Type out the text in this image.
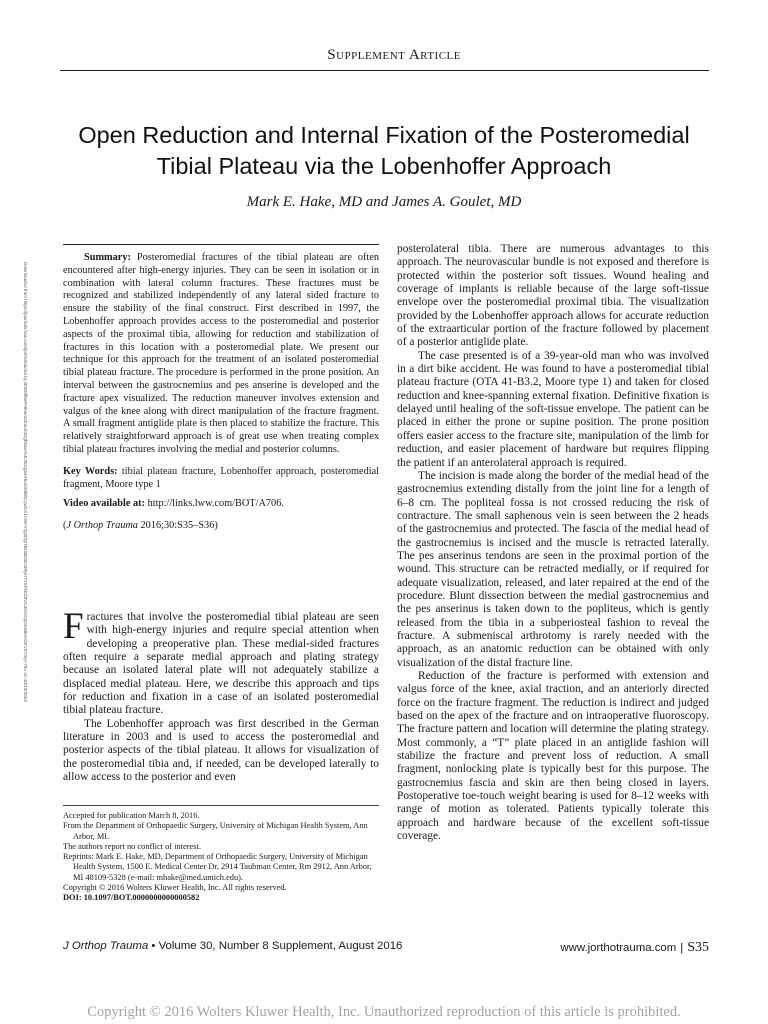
Supplement Article
Open Reduction and Internal Fixation of the Posteromedial
Tibial Plateau via the Lobenhoffer Approach
Mark E. Hake, MD and James A. Goulet, MD
Downloaded from https://journals.lww.com/jorthotrauma by BhDMf5ePHKav1zEoum1tQfN4a+kJLhEZgbsIHo4XMi0hCywCX1AWnYQp/IlQrHD3i3D0OdRyi7TvSFl4Cf3VC4/OAVpDDa8KKGKV0Ymy+78= on 10/19/2019

Summary: Posteromedial fractures of the tibial plateau are often encountered after high-energy injuries. They can be seen in isolation or in combination with lateral column fractures. These fractures must be recognized and stabilized independently of any lateral sided fracture to ensure the stability of the final construct. First described in 1997, the Lobenhoffer approach provides access to the posteromedial and posterior aspects of the proximal tibia, allowing for reduction and stabilization of fractures in this location with a posteromedial plate. We present our technique for this approach for the treatment of an isolated posteromedial tibial plateau fracture. The procedure is performed in the prone position. An interval between the gastrocnemius and pes anserine is developed and the fracture apex visualized. The reduction maneuver involves extension and valgus of the knee along with direct manipulation of the fracture fragment. A small fragment antiglide plate is then placed to stabilize the fracture. This relatively straightforward approach is of great use when treating complex tibial plateau fractures involving the medial and posterior columns.

Key Words: tibial plateau fracture, Lobenhoffer approach, posteromedial fragment, Moore type 1

Video available at: http://links.lww.com/BOT/A706.

(J Orthop Trauma 2016;30:S35–S36)

Fractures that involve the posteromedial tibial plateau are seen with high-energy injuries and require special attention when developing a preoperative plan. These medial-sided fractures often require a separate medial approach and plating strategy because an isolated lateral plate will not adequately stabilize a displaced medial plateau. Here, we describe this approach and tips for reduction and fixation in a case of an isolated posteromedial tibial plateau fracture.

The Lobenhoffer approach was first described in the German literature in 2003 and is used to access the posteromedial and posterior aspects of the tibial plateau. It allows for visualization of the posteromedial tibia and, if needed, can be developed laterally to allow access to the posterior and even

Accepted for publication March 8, 2016.

From the Department of Orthopaedic Surgery, University of Michigan Health System, Ann Arbor, MI.

The authors report no conflict of interest.

Reprints: Mark E. Hake, MD, Department of Orthopaedic Surgery, University of Michigan Health System, 1500 E. Medical Center Dr, 2914 Taubman Center, Rm 2912, Ann Arbor, MI 48109-5328 (e-mail: mhake@med.umich.edu).

Copyright © 2016 Wolters Kluwer Health, Inc. All rights reserved.

DOI: 10.1097/BOT.0000000000000582

posterolateral tibia. There are numerous advantages to this approach. The neurovascular bundle is not exposed and therefore is protected within the posterior soft tissues. Wound healing and coverage of implants is reliable because of the large soft-tissue envelope over the posteromedial proximal tibia. The visualization provided by the Lobenhoffer approach allows for accurate reduction of the extraarticular portion of the fracture followed by placement of a posterior antiglide plate.

The case presented is of a 39-year-old man who was involved in a dirt bike accident. He was found to have a posteromedial tibial plateau fracture (OTA 41-B3.2, Moore type 1) and taken for closed reduction and knee-spanning external fixation. Definitive fixation is delayed until healing of the soft-tissue envelope. The patient can be placed in either the prone or supine position. The prone position offers easier access to the fracture site, manipulation of the limb for reduction, and easier placement of hardware but requires flipping the patient if an anterolateral approach is required.

The incision is made along the border of the medial head of the gastrocnemius extending distally from the joint line for a length of 6–8 cm. The popliteal fossa is not crossed reducing the risk of contracture. The small saphenous vein is seen between the 2 heads of the gastrocnemius and protected. The fascia of the medial head of the gastrocnemius is incised and the muscle is retracted laterally. The pes anserinus tendons are seen in the proximal portion of the wound. This structure can be retracted medially, or if required for adequate visualization, released, and later repaired at the end of the procedure. Blunt dissection between the medial gastrocnemius and the pes anserinus is taken down to the popliteus, which is gently released from the tibia in a subperiosteal fashion to reveal the fracture. A submeniscal arthrotomy is rarely needed with the approach, as an anatomic reduction can be obtained with only visualization of the distal fracture line.

Reduction of the fracture is performed with extension and valgus force of the knee, axial traction, and an anteriorly directed force on the fracture fragment. The reduction is indirect and judged based on the apex of the fracture and on intraoperative fluoroscopy. The fracture pattern and location will determine the plating strategy. Most commonly, a “T” plate placed in an antiglide fashion will stabilize the fracture and prevent loss of reduction. A small fragment, nonlocking plate is typically best for this purpose. The gastrocnemius fascia and skin are then being closed in layers. Postoperative toe-touch weight bearing is used for 8–12 weeks with range of motion as tolerated. Patients typically tolerate this approach and hardware because of the excellent soft-tissue coverage.

J Orthop Trauma • Volume 30, Number 8 Supplement, August 2016	www.jorthotrauma.com | S35
Copyright © 2016 Wolters Kluwer Health, Inc. Unauthorized reproduction of this article is prohibited.
